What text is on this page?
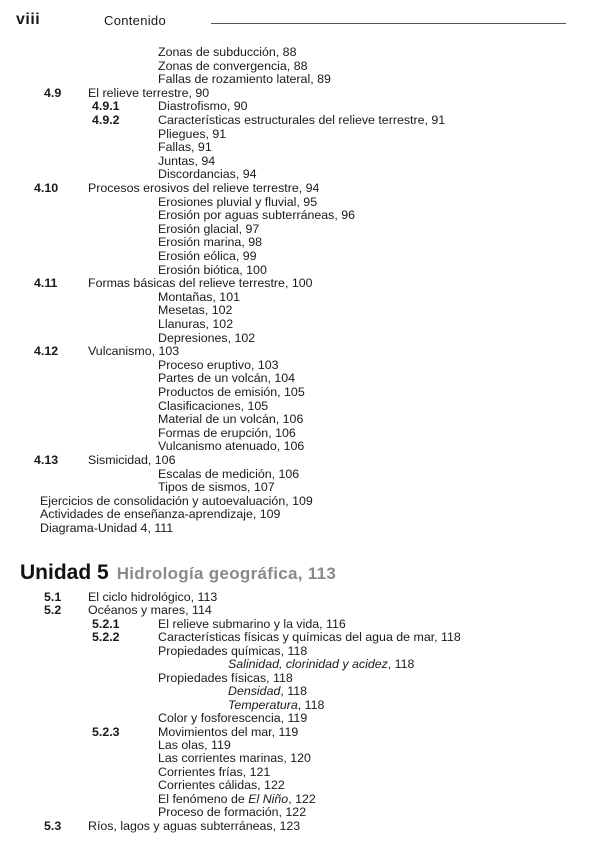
viii	Contenido
Unidad 5 Hidrología geográfica, 113
Zonas de subducción, 88
Zonas de convergencia, 88
Fallas de rozamiento lateral, 89
4.9 El relieve terrestre, 90
4.9.1	Diastrofismo, 90
4.9.2	Características estructurales del relieve terrestre, 91
Pliegues, 91
Fallas, 91
Juntas, 94
Discordancias, 94
4.10 Procesos erosivos del relieve terrestre, 94
Erosiones pluvial y fluvial, 95
Erosión por aguas subterráneas, 96
Erosión glacial, 97
Erosión marina, 98
Erosión eólica, 99
Erosión biótica, 100
4.11 Formas básicas del relieve terrestre, 100
Montañas, 101
Mesetas, 102
Llanuras, 102
Depresiones, 102
4.12 Vulcanismo, 103
Proceso eruptivo, 103
Partes de un volcán, 104
Productos de emisión, 105
Clasificaciones, 105
Material de un volcán, 106
Formas de erupción, 106
Vulcanismo atenuado, 106
4.13 Sismicidad, 106
Escalas de medición, 106
Tipos de sismos, 107
Ejercicios de consolidación y autoevaluación, 109
Actividades de enseñanza-aprendizaje, 109
Diagrama-Unidad 4, 111
5.1 El ciclo hidrológico, 113
5.2 Océanos y mares, 114
5.2.1	El relieve submarino y la vida, 116
5.2.2	Características físicas y químicas del agua de mar, 118
Propiedades químicas, 118
Salinidad, clorinidad y acidez, 118
Propiedades físicas, 118
Densidad, 118
Temperatura, 118
Color y fosforescencia, 119
5.2.3	Movimientos del mar, 119
Las olas, 119
Las corrientes marinas, 120
Corrientes frías, 121
Corrientes cálidas, 122
El fenómeno de El Niño, 122
Proceso de formación, 122
5.3 Ríos, lagos y aguas subterráneas, 123
